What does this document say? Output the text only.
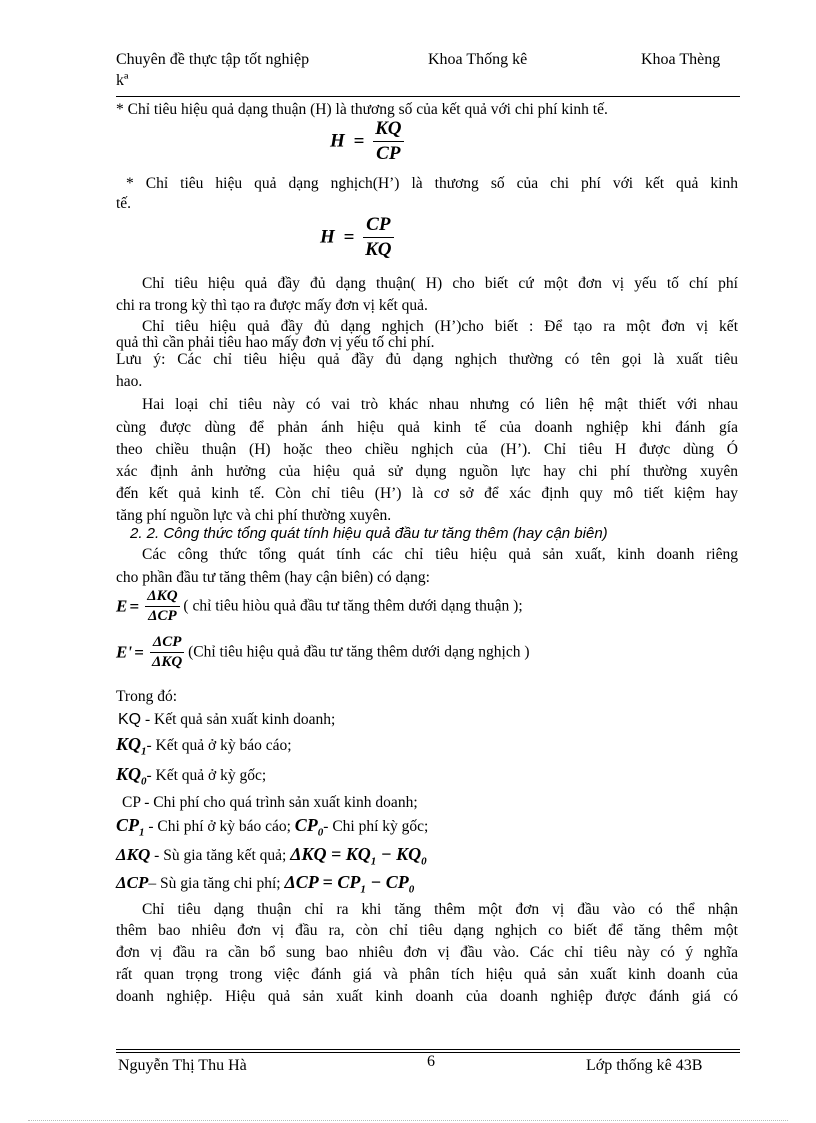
Chuyên đề thực tập tốt nghiệp	Khoa Thống kê	Khoa Thèng
kª
* Chỉ tiêu hiệu quả dạng thuận (H) là thương số của kết quả với chi phí kinh tế.
$H = \frac{KQ}{CP}$
* Chỉ tiêu hiệu quả dạng nghịch(H’) là thương số của chi phí với kết quả kinh
tế.
$H = \frac{CP}{KQ}$
Chỉ tiêu hiệu quả đầy đủ dạng thuận( H) cho biết cứ một đơn vị yếu tố chí phí
chi ra trong kỳ thì tạo ra được mấy đơn vị kết quả.
Chỉ tiêu hiệu quả đầy đủ dạng nghịch (H’)cho biết : Để tạo ra một đơn vị kết
quả thì cần phải tiêu hao mấy đơn vị yếu tố chi phí.
Lưu ý: Các chỉ tiêu hiệu quả đầy đủ dạng nghịch thường có tên gọi là xuất tiêu
hao.
Hai loại chỉ tiêu này có vai trò khác nhau nhưng có liên hệ mật thiết với nhau
cùng được dùng để phản ánh hiệu quả kinh tế của doanh nghiệp khi đánh gía
theo chiều thuận (H) hoặc theo chiều nghịch của (H’). Chỉ tiêu H được dùng Ó
xác định ảnh hưởng của hiệu quả sử dụng nguồn lực hay chi phí thường xuyên
đến kết quả kinh tế. Còn chỉ tiêu (H’) là cơ sở để xác định quy mô tiết kiệm hay
tăng phí nguồn lực và chi phí thường xuyên.
2. 2. Công thức tổng quát tính hiệu quả đầu tư tăng thêm (hay cận biên)
Các công thức tổng quát tính các chỉ tiêu hiệu quả sản xuất, kinh doanh riêng
cho phần đầu tư tăng thêm (hay cận biên) có dạng:
$E = \frac{\text{ΔKQ}}{\text{ΔCP}}$ ( chỉ tiêu hiòu quả đầu tư tăng thêm dưới dạng thuận );
$E' = \frac{\text{ΔCP}}{\text{ΔKQ}}$ (Chỉ tiêu hiệu quả đầu tư tăng thêm dưới dạng nghịch )
Trong đó:
KQ - Kết quả sản xuất kinh doanh;
$KQ_1-$ Kết quả ở kỳ báo cáo;
$KQ_0-$ Kết quả ở kỳ gốc;
CP - Chi phí cho quá trình sản xuất kinh doanh;
$CP_1$ - Chi phí ở kỳ báo cáo; $CP_0-$ Chi phí kỳ gốc;
ΔKQ - Sù gia tăng kết quả; $\Delta KQ = KQ_1 - KQ_0$
ΔCP– Sù gia tăng chi phí; $\Delta CP = CP_1 - CP_0$
Chỉ tiêu dạng thuận chỉ ra khi tăng thêm một đơn vị đầu vào có thể nhận
thêm bao nhiêu đơn vị đầu ra, còn chỉ tiêu dạng nghịch co biết để tăng thêm một
đơn vị đầu ra cần bổ sung bao nhiêu đơn vị đầu vào. Các chỉ tiêu này có ý nghĩa
rất quan trọng trong việc đánh giá và phân tích hiệu quả sản xuất kinh doanh của
doanh nghiệp. Hiệu quả sản xuất kinh doanh của doanh nghiệp được đánh giá có
Nguyễn Thị Thu Hà	6	Lớp thống kê 43B
